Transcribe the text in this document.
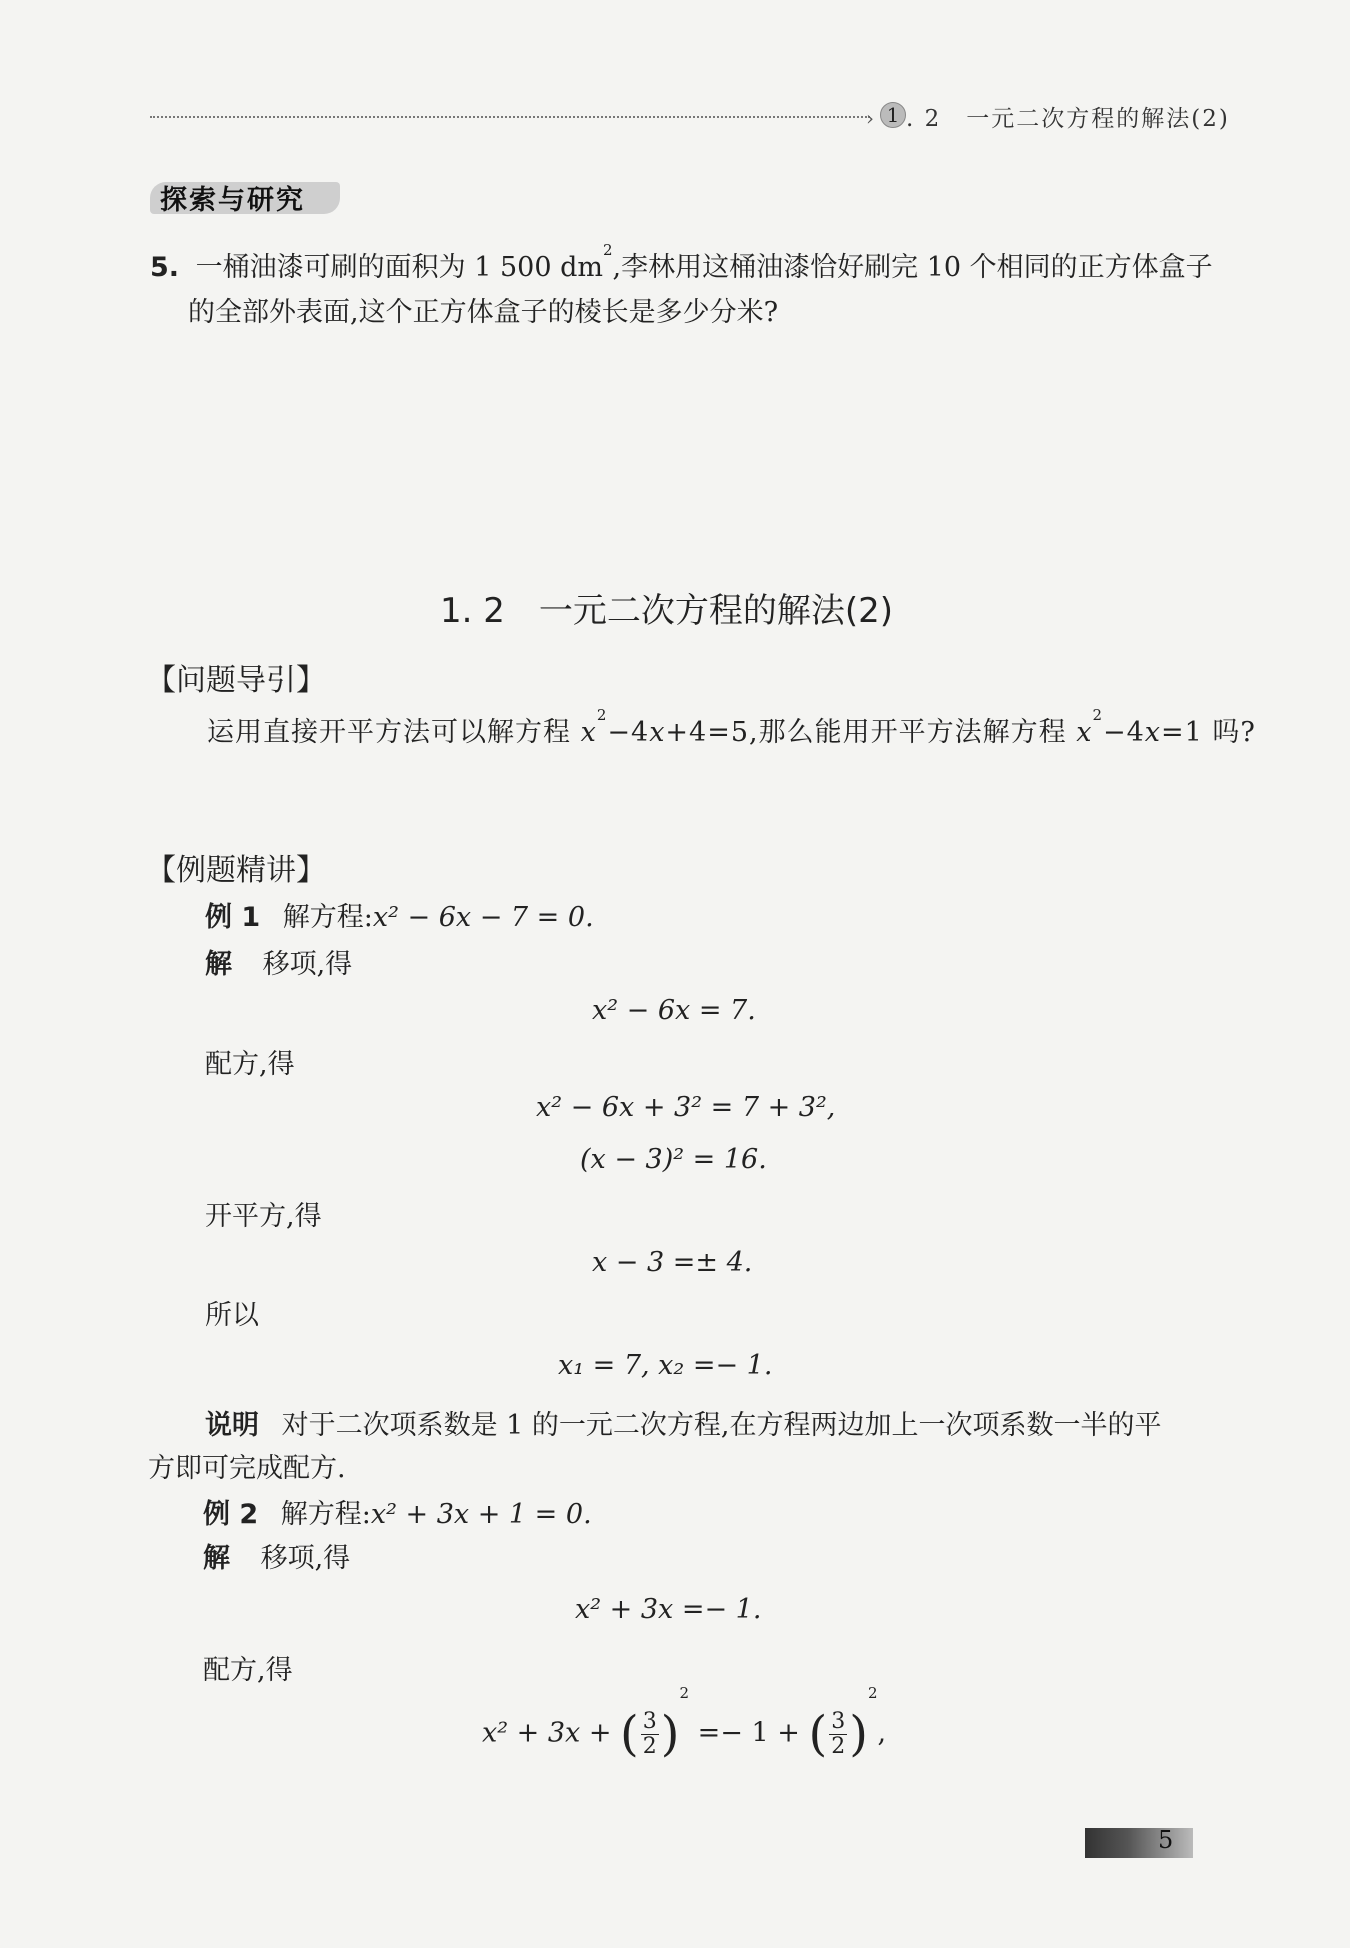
› 1 . 2　一元二次方程的解法(2)
探索与研究
5. 一桶油漆可刷的面积为 1 500 $dm^2$,李林用这桶油漆恰好刷完 10 个相同的正方体盒子
的全部外表面,这个正方体盒子的棱长是多少分米?
1. 2　一元二次方程的解法(2)
【问题导引】
运用直接开平方法可以解方程 $x^2-4x+4=5$,那么能用开平方法解方程 $x^2-4x=1$ 吗?
【例题精讲】
例 1 解方程:x² − 6x − 7 = 0.
解 移项,得
x² − 6x = 7.
配方,得
x² − 6x + 3² = 7 + 3²,
(x − 3)² = 16.
开平方,得
x − 3 =± 4.
所以
x₁ = 7, x₂ =− 1.
说明 对于二次项系数是 1 的一元二次方程,在方程两边加上一次项系数一半的平
方即可完成配方.
例 2 解方程:x² + 3x + 1 = 0.
解 移项,得
x² + 3x =− 1.
配方,得
x² + 3x + ( $\frac{3}{2} )^2 =- 1$ + ( $\frac{3}{2} )^2$,
5
